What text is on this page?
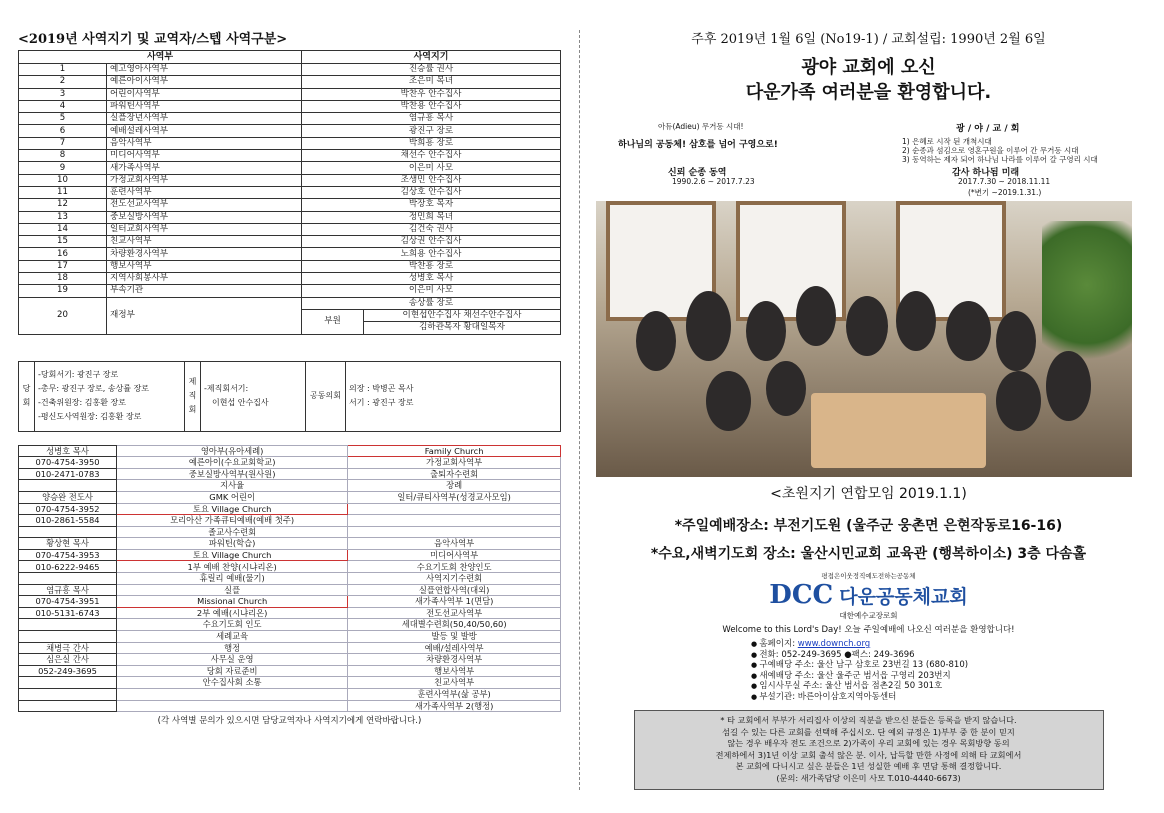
<2019년 사역지기 및 교역자/스텝 사역구분>
사역부		사역지기	
1	예고영아사역부	진승률 권사	
2	예른아이사역부	조은미 목녀	
3	어린이사역부	박찬우 안수집사	
4	파워틴사역부	박찬용 안수집사	
5	실플장년사역부	염규흥 목사	
6	예배설레사역부	광진구 장로	
7	음악사역부	박희흥 장로	
8	미디어사역부	채선수 안수집사	
9	새가족사역부	이은미 사모	
10	가정교회사역부	조생민 안수집사	
11	훈련사역부	김상호 안수집사	
12	전도선교사역부	박장호 목자	
13	중보실방사역부	정민희 목녀	
14	일터교회사역부	김건숙 권사	
15	친교사역부	김상권 안수집사	
16	차량환경사역부	노희용 안수집사	
17	행보사역부	박찬흥 장로	
18	지역사회봉사부	성병호 목사	
19	부속기관	이은미 사모	
20	재정부	송상률 장로	
		부원	이현섭안수집사 채선수안수집사
			김하관목자 황대일목자
당회	
-당회서기: 광진구 장로
-총무: 광진구 장로, 송상률 장로
-건축위원장: 김홍환 장로
-평신도사역원장: 김홍환 장로
	제직회	
-제직회서기:
이현섭 안수집사
	공동의회	
의장 : 박병곤 목사
서기 : 광진구 장로
성병호 목사	영아부(유아세례)	Family Church
070-4754-3950	예른아이(수요교회학교)	가정교회사역부
010-2471-0783	중보실방사역부(원사원)	출퇴자수련회
	지사율	장례
양승완 전도사	GMK 어린이	일터/큐티사역부(성경교사모임)
070-4754-3952	토요 Village Church	
010-2861-5584	모리아산 가족큐티예배(예배 첫주)	
	졸교사수련회	
황상현 목사	파워틴(학습)	음악사역부
070-4754-3953	토요 Village Church	미디어사역부
010-6222-9465	1부 예배 찬양(시냐리온)	수요기도회 찬양인도
	휴릴리 예배(물기)	사역지기수련회
염규흥 목사	실플	실플연합사역(대외)
070-4754-3951	Missional Church	새가족사역부 1(면담)
010-5131-6743	2부 예배(시냐리온)	전도선교사역부
	수요기도회 인도	세대별수련회(50,40/50,60)
	세례교육	발등 및 발방
채병극 간사	행정	예배/설레사역부
심은실 간사	사무실 운영	차량환경사역부
052-249-3695	당회 자료준비	행보사역부
	안수집사회 소통	친교사역부
		훈련사역부(삶 공부)
		새가족사역부 2(행정)
(각 사역별 문의가 있으시면 담당교역자나 사역지기에게 연락바랍니다.)
주후 2019년 1월 6일 (No19-1) / 교회설립: 1990년 2월 6일
광야 교회에 오신
다운가족 여러분을 환영합니다.
아듀(Adieu) 무거동 시대!
하나님의 공동체! 삼호를 넘어 구영으로!
신뢰 순종 동역
1990.2.6 ~ 2017.7.23
광 / 야 / 교 / 회
1) 은혜로 시작 된 개척시대
2) 순종과 섬김으로 영혼구원을 이루어 간 무거동 시대
3) 동역하는 제자 되어 하나님 나라를 이루어 갈 구영리 시대
감사 하나됨 미래
2017.7.30 ~ 2018.11.11
(*변기 ~2019.1.31.)
<초원지기 연합모임 2019.1.1)
*주일예배장소: 부전기도원 (울주군 웅촌면 은현작동로16-16)
*수요,새벽기도회 장소: 울산시민교회 교육관 (행복하이소) 3층 다솜홀
평접은이웃정직예도전하는공동체
DCC 다운공동체교회
대한예수교장로회
Welcome to this Lord's Day! 오늘 주일예배에 나오신 여러분을 환영합니다!
● 홈페이지: www.downch.org
● 전화: 052-249-3695 ●팩스: 249-3696
● 구예배당 주소: 울산 남구 삼호로 23번길 13 (680-810)
● 새예배당 주소: 울산 울주군 범서읍 구영리 203번지
● 임시사무실 주소: 울산 범서읍 점촌2길 50 301호
● 부설기관: 바른아이삼호지역아동센터
* 타 교회에서 부부가 서리집사 이상의 직분을 받으신 분들은 등록을 받지 않습니다.
섬길 수 있는 다른 교회를 선택해 주십시오. 단 예외 규정은 1)부부 중 한 분이 믿지
않는 경우 배우자 전도 조건으로 2)가족이 우리 교회에 있는 경우 목회방향 동의
전제하에서 3)1년 이상 교회 출석 않은 분. 이사, 납득할 만한 사정에 의해 타 교회에서
본 교회에 다니시고 싶은 분들은 1년 성실한 예배 후 면담 통해 결정합니다.
(문의: 새가족담당 이은미 사모 T.010-4440-6673)
